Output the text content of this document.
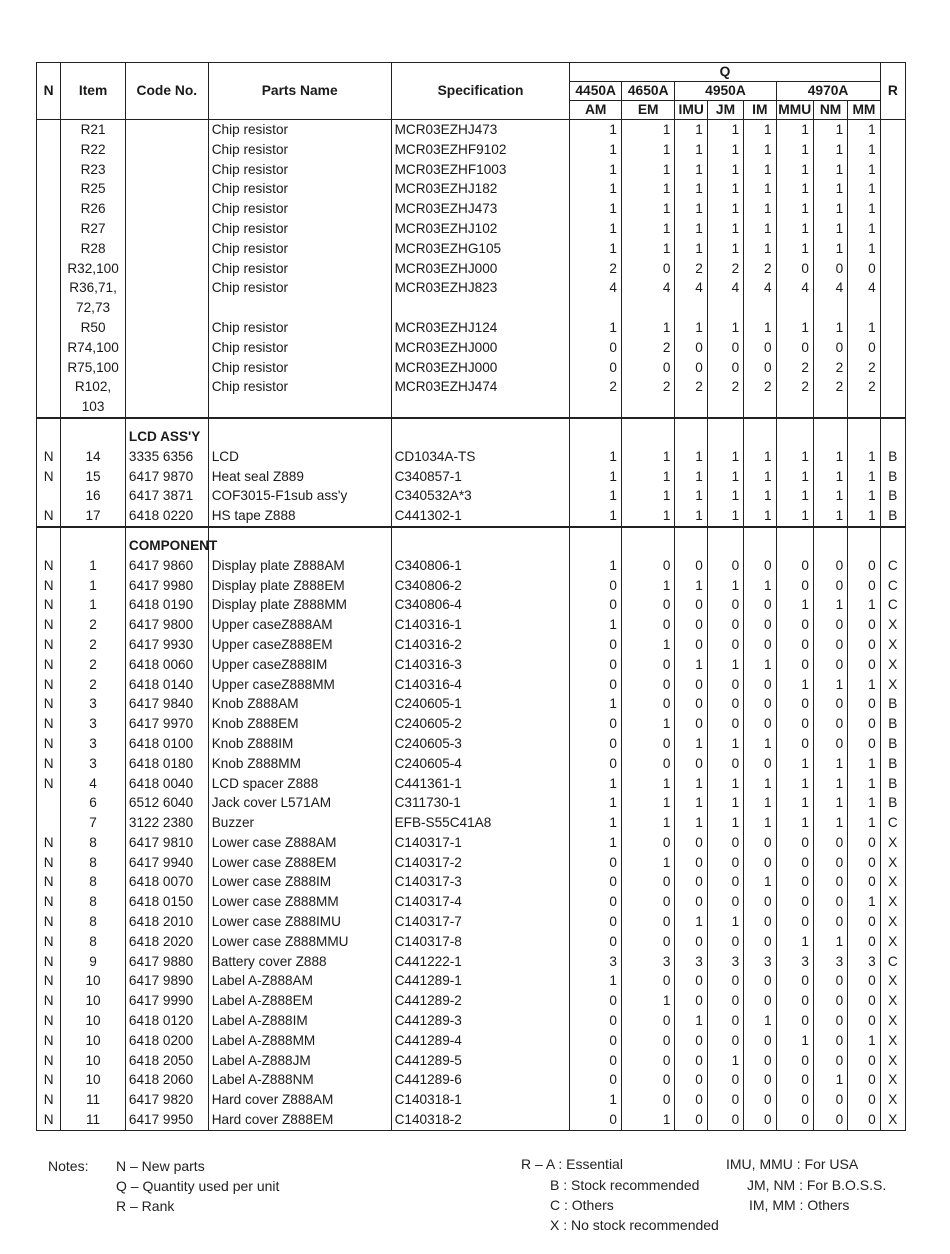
N	Item	Code No.	Parts Name	Specification	Q								R
					4450A	4650A	4950A			4970A			
					AM	EM	IMU	JM	IM	MMU	NM	MM	
	R21		Chip resistor	MCR03EZHJ473	1	1	1	1	1	1	1	1	
	R22		Chip resistor	MCR03EZHF9102	1	1	1	1	1	1	1	1	
	R23		Chip resistor	MCR03EZHF1003	1	1	1	1	1	1	1	1	
	R25		Chip resistor	MCR03EZHJ182	1	1	1	1	1	1	1	1	
	R26		Chip resistor	MCR03EZHJ473	1	1	1	1	1	1	1	1	
	R27		Chip resistor	MCR03EZHJ102	1	1	1	1	1	1	1	1	
	R28		Chip resistor	MCR03EZHG105	1	1	1	1	1	1	1	1	
	R32,100		Chip resistor	MCR03EZHJ000	2	0	2	2	2	0	0	0	
	R36,71,		Chip resistor	MCR03EZHJ823	4	4	4	4	4	4	4	4	
	72,73												
	R50		Chip resistor	MCR03EZHJ124	1	1	1	1	1	1	1	1	
	R74,100		Chip resistor	MCR03EZHJ000	0	2	0	0	0	0	0	0	
	R75,100		Chip resistor	MCR03EZHJ000	0	0	0	0	0	2	2	2	
	R102,		Chip resistor	MCR03EZHJ474	2	2	2	2	2	2	2	2	
	103												

		LCD ASS'Y											
N	14	3335 6356	LCD	CD1034A-TS	1	1	1	1	1	1	1	1	B
N	15	6417 9870	Heat seal Z889	C340857-1	1	1	1	1	1	1	1	1	B
	16	6417 3871	COF3015-F1sub ass'y	C340532A*3	1	1	1	1	1	1	1	1	B
N	17	6418 0220	HS tape Z888	C441302-1	1	1	1	1	1	1	1	1	B

		COMPONENT											
N	1	6417 9860	Display plate Z888AM	C340806-1	1	0	0	0	0	0	0	0	C
N	1	6417 9980	Display plate Z888EM	C340806-2	0	1	1	1	1	0	0	0	C
N	1	6418 0190	Display plate Z888MM	C340806-4	0	0	0	0	0	1	1	1	C
N	2	6417 9800	Upper caseZ888AM	C140316-1	1	0	0	0	0	0	0	0	X
N	2	6417 9930	Upper caseZ888EM	C140316-2	0	1	0	0	0	0	0	0	X
N	2	6418 0060	Upper caseZ888IM	C140316-3	0	0	1	1	1	0	0	0	X
N	2	6418 0140	Upper caseZ888MM	C140316-4	0	0	0	0	0	1	1	1	X
N	3	6417 9840	Knob Z888AM	C240605-1	1	0	0	0	0	0	0	0	B
N	3	6417 9970	Knob Z888EM	C240605-2	0	1	0	0	0	0	0	0	B
N	3	6418 0100	Knob Z888IM	C240605-3	0	0	1	1	1	0	0	0	B
N	3	6418 0180	Knob Z888MM	C240605-4	0	0	0	0	0	1	1	1	B
N	4	6418 0040	LCD spacer Z888	C441361-1	1	1	1	1	1	1	1	1	B
	6	6512 6040	Jack cover L571AM	C311730-1	1	1	1	1	1	1	1	1	B
	7	3122 2380	Buzzer	EFB-S55C41A8	1	1	1	1	1	1	1	1	C
N	8	6417 9810	Lower case Z888AM	C140317-1	1	0	0	0	0	0	0	0	X
N	8	6417 9940	Lower case Z888EM	C140317-2	0	1	0	0	0	0	0	0	X
N	8	6418 0070	Lower case Z888IM	C140317-3	0	0	0	0	1	0	0	0	X
N	8	6418 0150	Lower case Z888MM	C140317-4	0	0	0	0	0	0	0	1	X
N	8	6418 2010	Lower case Z888IMU	C140317-7	0	0	1	1	0	0	0	0	X
N	8	6418 2020	Lower case Z888MMU	C140317-8	0	0	0	0	0	1	1	0	X
N	9	6417 9880	Battery cover Z888	C441222-1	3	3	3	3	3	3	3	3	C
N	10	6417 9890	Label A-Z888AM	C441289-1	1	0	0	0	0	0	0	0	X
N	10	6417 9990	Label A-Z888EM	C441289-2	0	1	0	0	0	0	0	0	X
N	10	6418 0120	Label A-Z888IM	C441289-3	0	0	1	0	1	0	0	0	X
N	10	6418 0200	Label A-Z888MM	C441289-4	0	0	0	0	0	1	0	1	X
N	10	6418 2050	Label A-Z888JM	C441289-5	0	0	0	1	0	0	0	0	X
N	10	6418 2060	Label A-Z888NM	C441289-6	0	0	0	0	0	0	1	0	X
N	11	6417 9820	Hard cover Z888AM	C140318-1	1	0	0	0	0	0	0	0	X
N	11	6417 9950	Hard cover Z888EM	C140318-2	0	1	0	0	0	0	0	0	X
Notes: N – New parts
Q – Quantity used per unit
R – Rank
R – A : Essential
B : Stock recommended
C : Others
X : No stock recommended
IMU, MMU : For USA
JM, NM : For B.O.S.S.
IM, MM : Others
